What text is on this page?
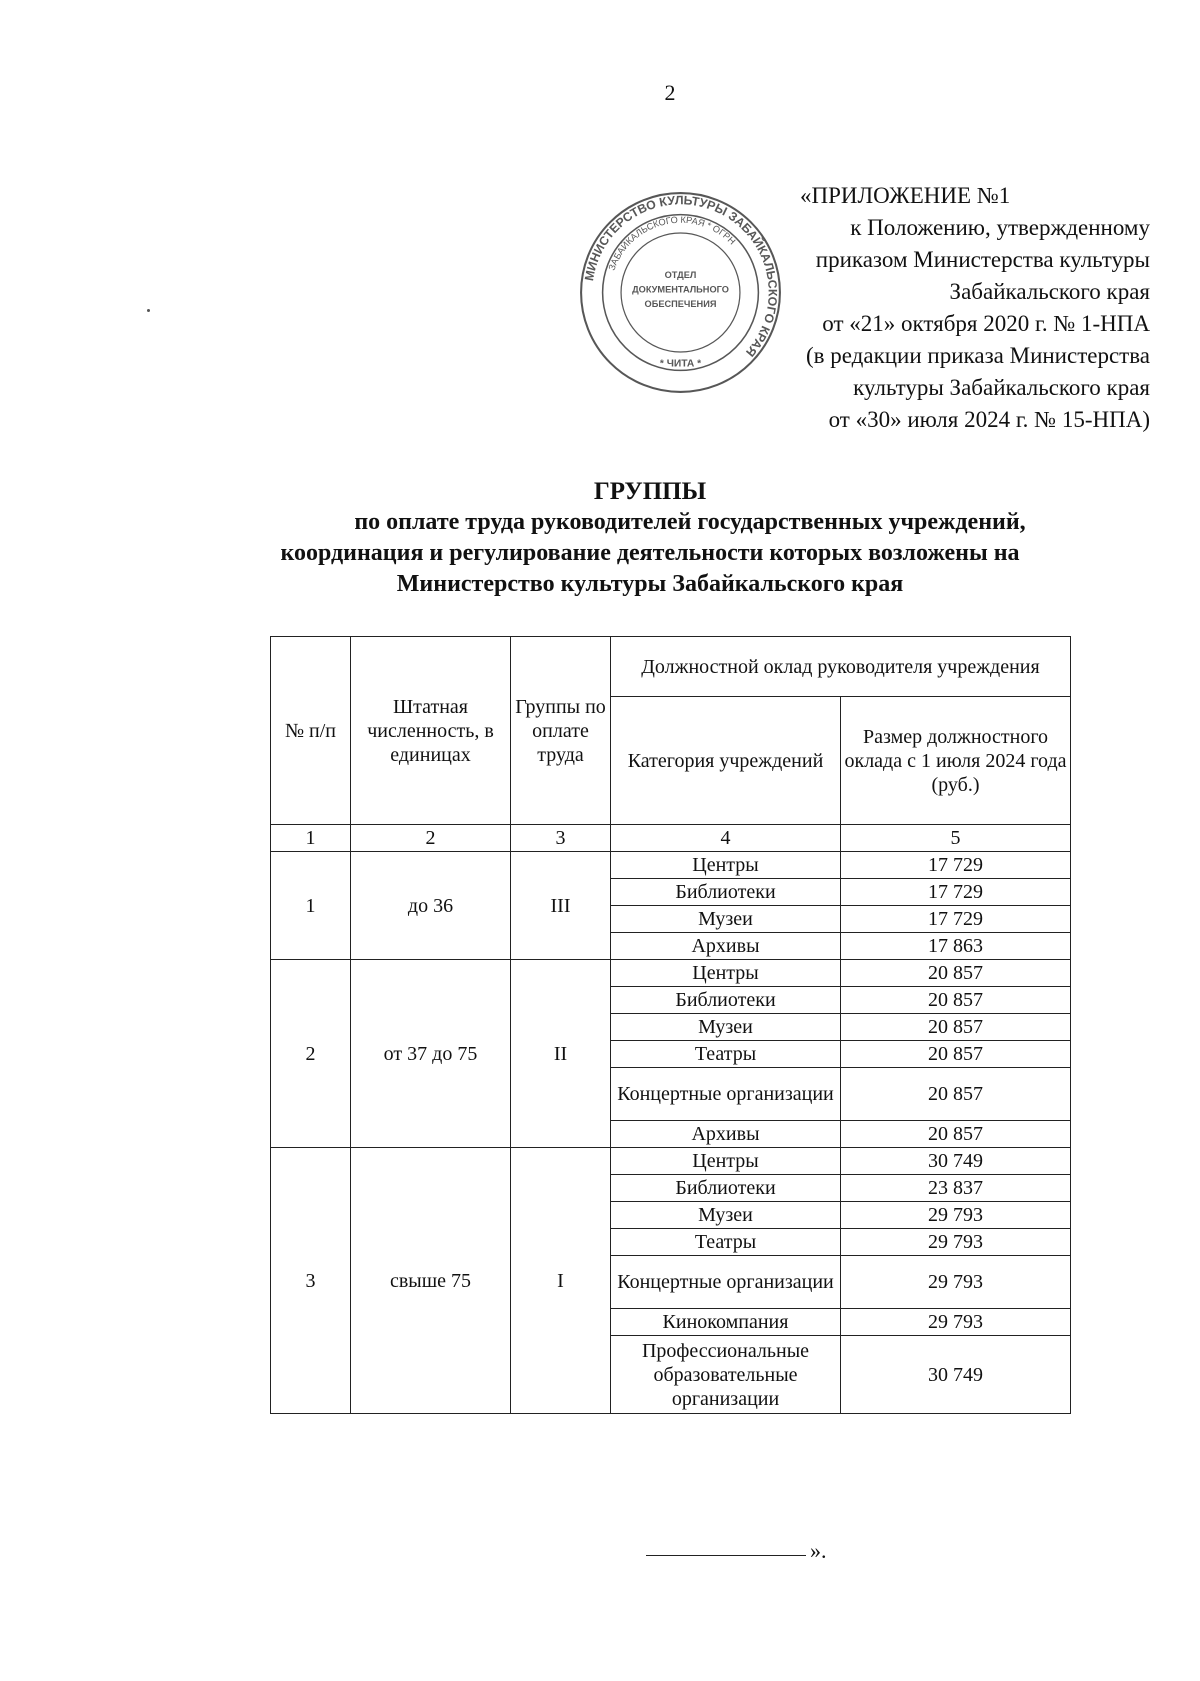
2
МИНИСТЕРСТВО КУЛЬТУРЫ ЗАБАЙКАЛЬСКОГО КРАЯ
ЗАБАЙКАЛЬСКОГО КРАЯ * ОГРН
ОТДЕЛ
ДОКУМЕНТАЛЬНОГО
ОБЕСПЕЧЕНИЯ
* ЧИТА *
«ПРИЛОЖЕНИЕ №1
к Положению, утвержденному
приказом Министерства культуры
Забайкальского края
от «21» октября 2020 г. № 1-НПА
(в редакции приказа Министерства
культуры Забайкальского края
от «30» июля 2024 г. № 15-НПА)
ГРУППЫ
по оплате труда руководителей государственных учреждений,
координация и регулирование деятельности которых возложены на
Министерство культуры Забайкальского края
№ п/п	Штатная численность, в единицах	Группы по оплате труда	Должностной оклад руководителя учреждения	
			Категория учреждений	Размер должностного оклада с 1 июля 2024 года (руб.)
1	2	3	4	5
1	до 36	III	Центры	17 729
			Библиотеки	17 729
			Музеи	17 729
			Архивы	17 863
2	от 37 до 75	II	Центры	20 857
			Библиотеки	20 857
			Музеи	20 857
			Театры	20 857
			Концертные организации	20 857
			Архивы	20 857
3	свыше 75	I	Центры	30 749
			Библиотеки	23 837
			Музеи	29 793
			Театры	29 793
			Концертные организации	29 793
			Кинокомпания	29 793
			Профессиональные образовательные организации	30 749
».
